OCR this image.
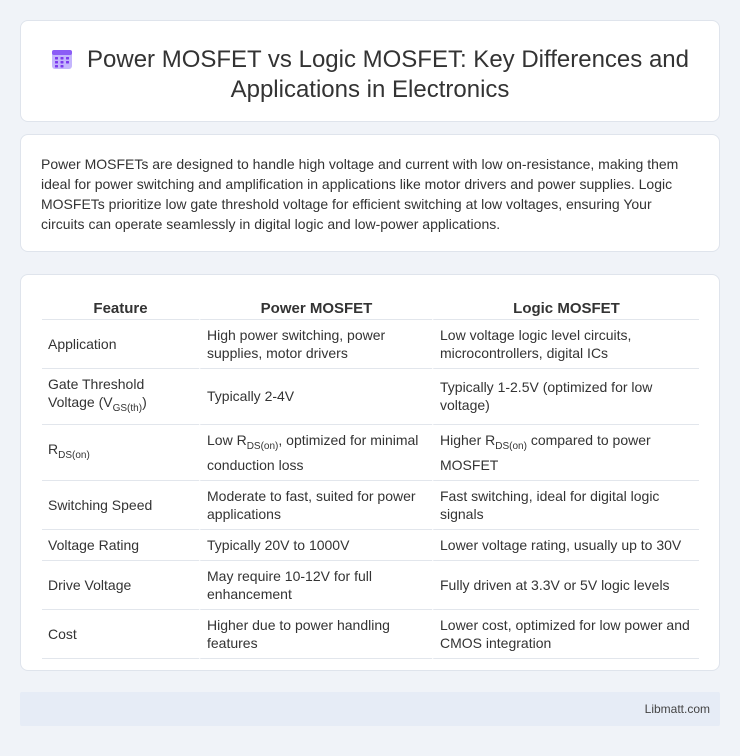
Power MOSFET vs Logic MOSFET: Key Differences and Applications in Electronics

Power MOSFETs are designed to handle high voltage and current with low on-resistance, making them ideal for power switching and amplification in applications like motor drivers and power supplies. Logic MOSFETs prioritize low gate threshold voltage for efficient switching at low voltages, ensuring Your circuits can operate seamlessly in digital logic and low-power applications.

Feature	Power MOSFET	Logic MOSFET
Application	High power switching, power supplies, motor drivers	Low voltage logic level circuits, microcontrollers, digital ICs
Gate Threshold Voltage $(V_{GS(th)})$	Typically 2-4V	Typically 1-2.5V (optimized for low voltage)
$R_{DS(on)}$	Low $R_{DS(on)}$, optimized for minimal conduction loss	Higher $R_{DS(on)}$ compared to power MOSFET
Switching Speed	Moderate to fast, suited for power applications	Fast switching, ideal for digital logic signals
Voltage Rating	Typically 20V to 1000V	Lower voltage rating, usually up to 30V
Drive Voltage	May require 10-12V for full enhancement	Fully driven at 3.3V or 5V logic levels
Cost	Higher due to power handling features	Lower cost, optimized for low power and CMOS integration
Libmatt.com
